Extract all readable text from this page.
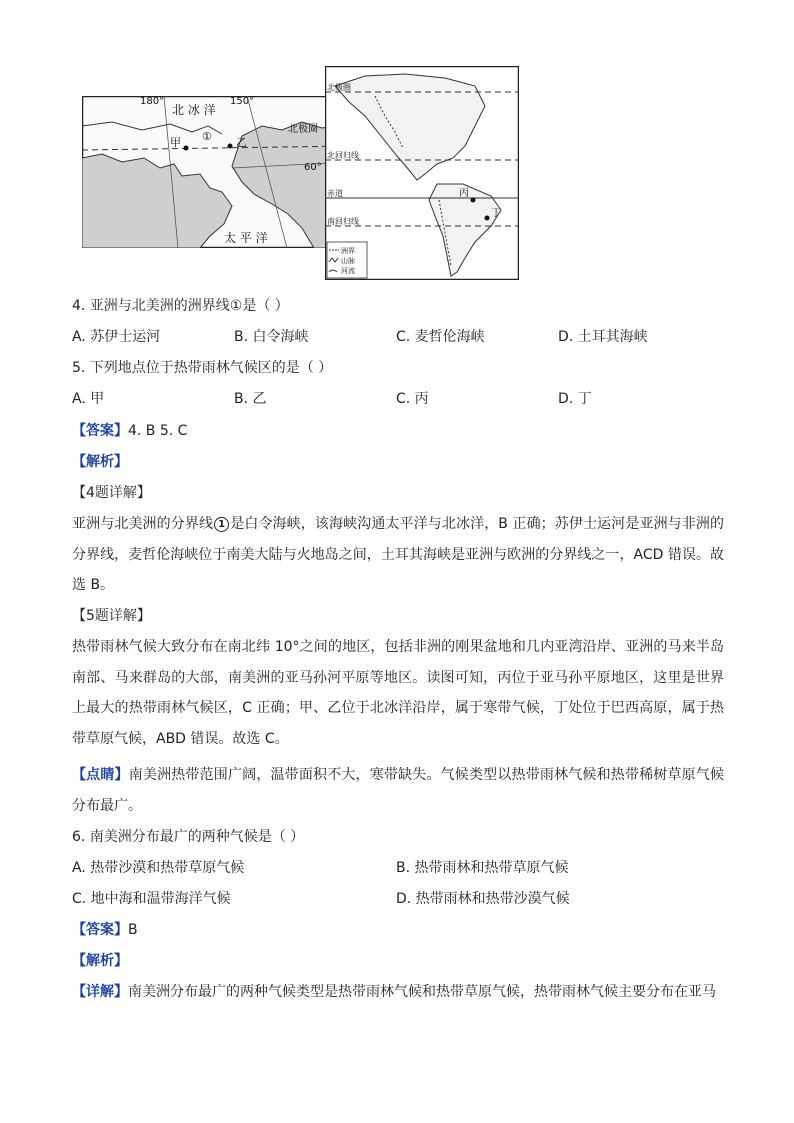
180°
北 冰 洋
150°
北极圈
①
甲	乙
60°
太 平 洋
北极圈
北回归线
赤道
南回归线
丙
丁
洲界
山脉
河流
4. 亚洲与北美洲的洲界线①是（ ）
A. 苏伊士运河	B. 白令海峡	C. 麦哲伦海峡	D. 土耳其海峡
5. 下列地点位于热带雨林气候区的是（ ）
A. 甲	B. 乙	C. 丙	D. 丁
【答案】4. B 5. C
【解析】
【4题详解】
亚洲与北美洲的分界线 1 是白令海峡，该海峡沟通太平洋与北冰洋，B 正确；苏伊士运河是亚洲与非洲的分界线，麦哲伦海峡位于南美大陆与火地岛之间，土耳其海峡是亚洲与欧洲的分界线之一，ACD 错误。故选 B。
【5题详解】
热带雨林气候大致分布在南北纬 10°之间的地区，包括非洲的刚果盆地和几内亚湾沿岸、亚洲的马来半岛南部、马来群岛的大部，南美洲的亚马孙河平原等地区。读图可知，丙位于亚马孙平原地区，这里是世界上最大的热带雨林气候区，C 正确；甲、乙位于北冰洋沿岸，属于寒带气候，丁处位于巴西高原，属于热带草原气候，ABD 错误。故选 C。
【点睛】南美洲热带范围广阔，温带面积不大，寒带缺失。气候类型以热带雨林气候和热带稀树草原气候分布最广。
6. 南美洲分布最广的两种气候是（ ）
A. 热带沙漠和热带草原气候	B. 热带雨林和热带草原气候
C. 地中海和温带海洋气候	D. 热带雨林和热带沙漠气候
【答案】B
【解析】
【详解】南美洲分布最广的两种气候类型是热带雨林气候和热带草原气候，热带雨林气候主要分布在亚马
